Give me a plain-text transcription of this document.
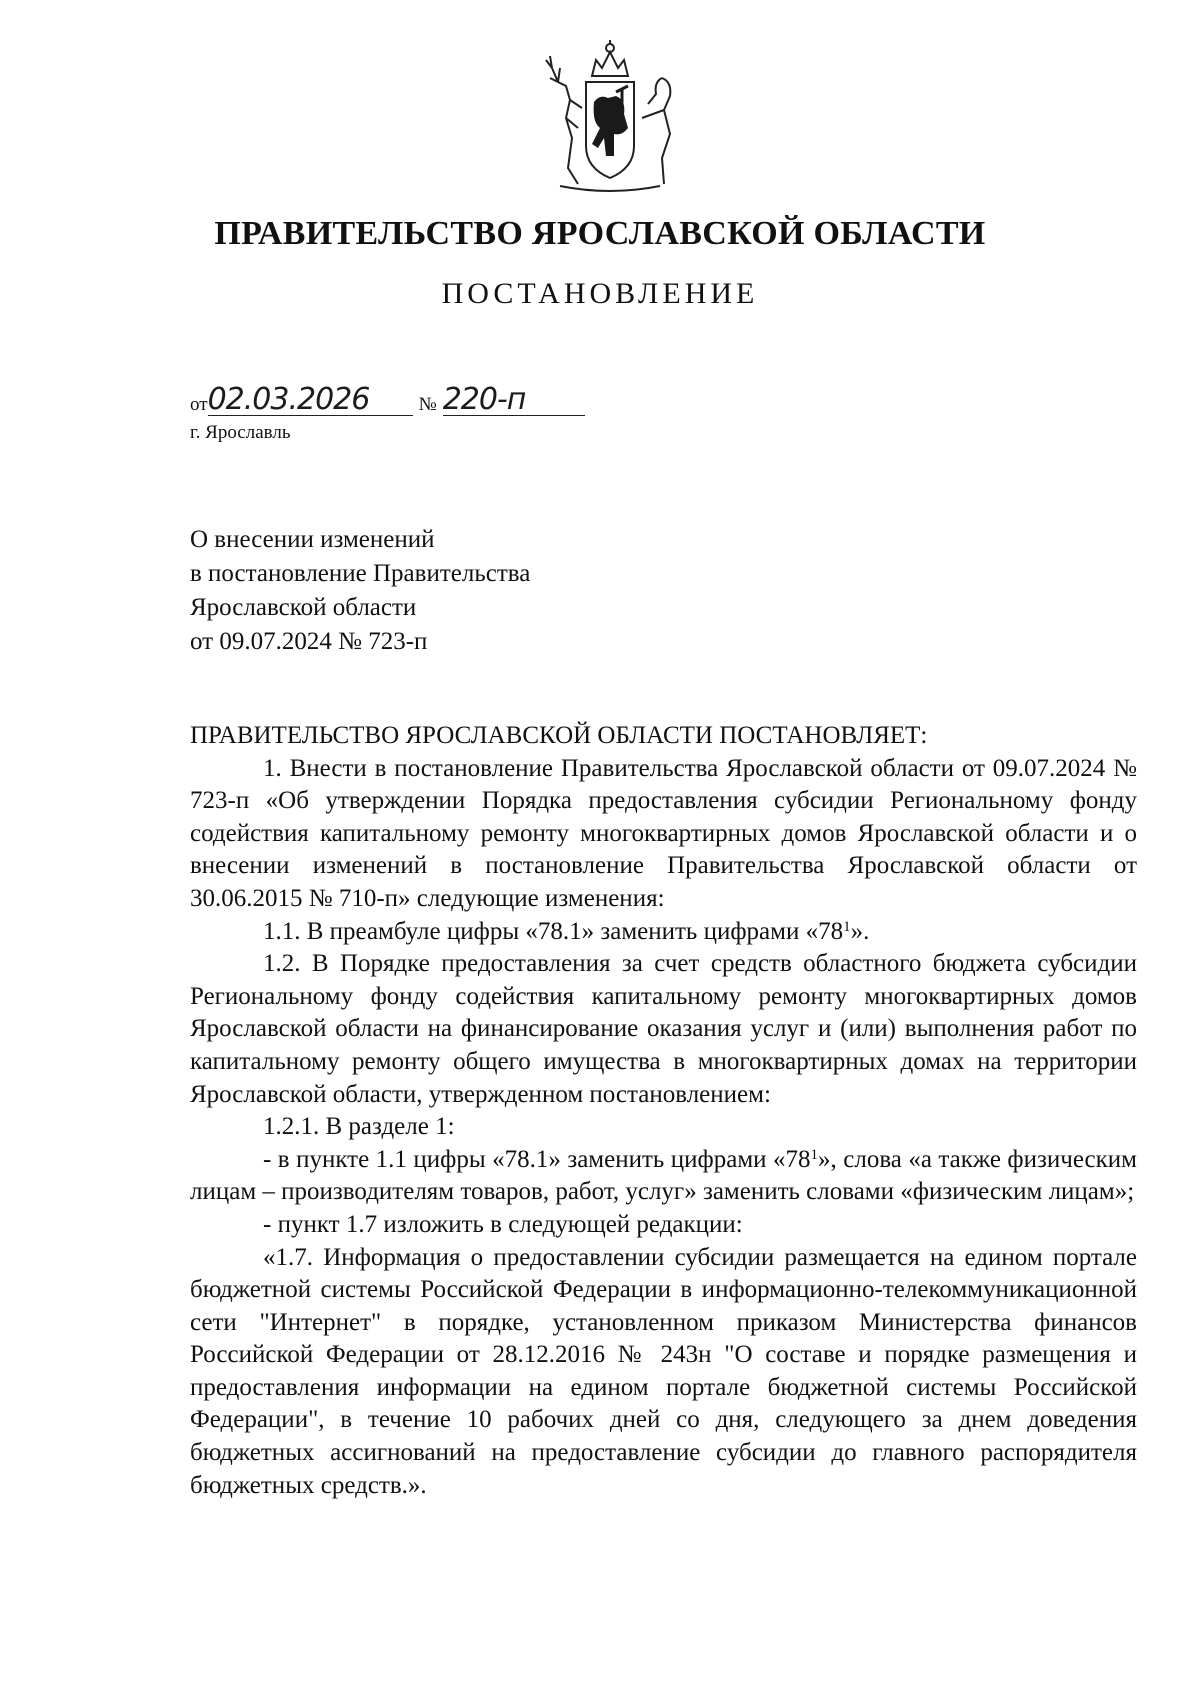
ПРАВИТЕЛЬСТВО ЯРОСЛАВСКОЙ ОБЛАСТИ
ПОСТАНОВЛЕНИЕ
от 02.03.2026	№ 220-п
г. Ярославль
О внесении изменений
в постановление Правительства
Ярославской области
от 09.07.2024 № 723-п

ПРАВИТЕЛЬСТВО ЯРОСЛАВСКОЙ ОБЛАСТИ ПОСТАНОВЛЯЕТ:

1. Внести в постановление Правительства Ярославской области от 09.07.2024 № 723-п «Об утверждении Порядка предоставления субсидии Региональному фонду содействия капитальному ремонту многоквартирных домов Ярославской области и о внесении изменений в постановление Правительства Ярославской области от 30.06.2015 № 710-п» следующие изменения:

1.1. В преамбуле цифры «78.1» заменить цифрами «$78^1$».

1.2. В Порядке предоставления за счет средств областного бюджета субсидии Региональному фонду содействия капитальному ремонту многоквартирных домов Ярославской области на финансирование оказания услуг и (или) выполнения работ по капитальному ремонту общего имущества в многоквартирных домах на территории Ярославской области, утвержденном постановлением:

1.2.1. В разделе 1:

- в пункте 1.1 цифры «78.1» заменить цифрами «$78^1$», слова «а также физическим лицам – производителям товаров, работ, услуг» заменить словами «физическим лицам»;

- пункт 1.7 изложить в следующей редакции:

«1.7. Информация о предоставлении субсидии размещается на едином портале бюджетной системы Российской Федерации в информационно-телекоммуникационной сети "Интернет" в порядке, установленном приказом Министерства финансов Российской Федерации от 28.12.2016 № 243н "О составе и порядке размещения и предоставления информации на едином портале бюджетной системы Российской Федерации", в течение 10 рабочих дней со дня, следующего за днем доведения бюджетных ассигнований на предоставление субсидии до главного распорядителя бюджетных средств.».
